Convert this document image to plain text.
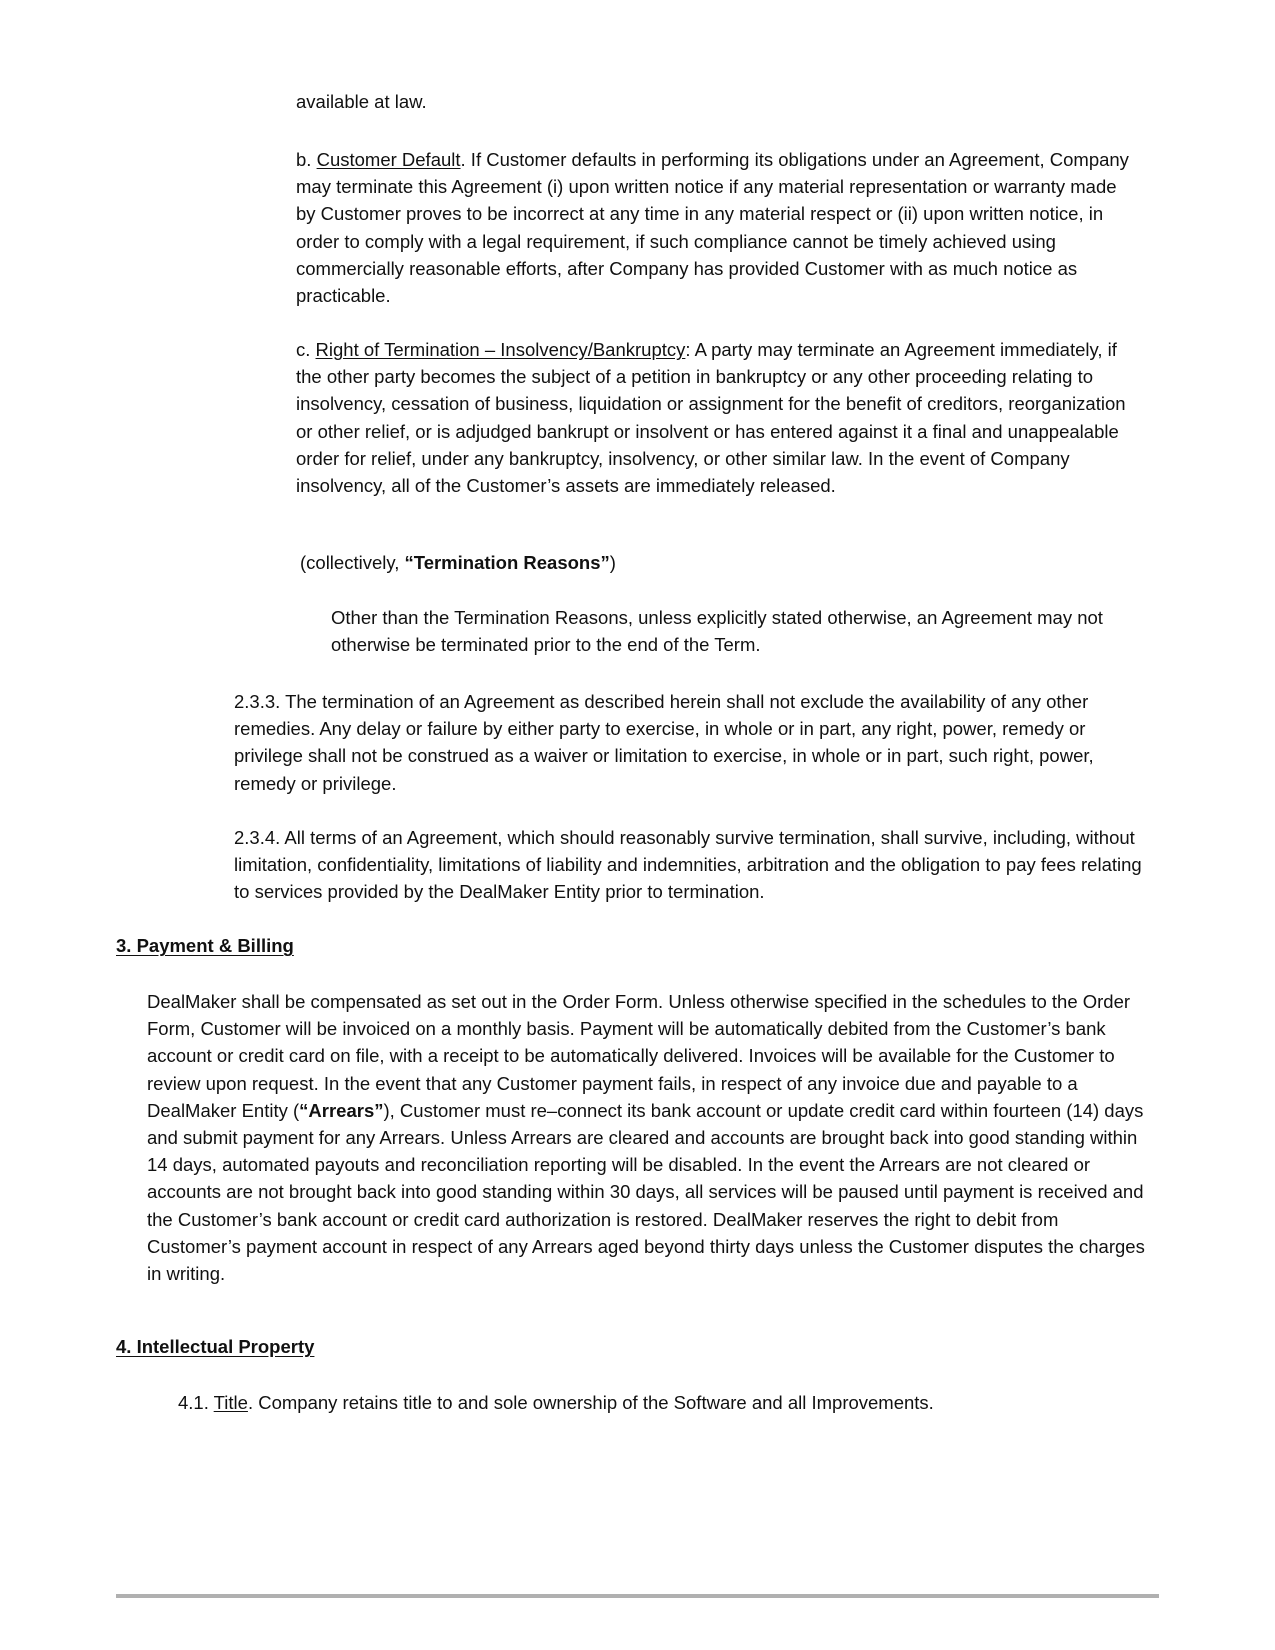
available at law.

b. Customer Default. If Customer defaults in performing its obligations under an Agreement, Company may terminate this Agreement (i) upon written notice if any material representation or warranty made by Customer proves to be incorrect at any time in any material respect or (ii) upon written notice, in order to comply with a legal requirement, if such compliance cannot be timely achieved using commercially reasonable efforts, after Company has provided Customer with as much notice as practicable.

c. Right of Termination – Insolvency/Bankruptcy: A party may terminate an Agreement immediately, if the other party becomes the subject of a petition in bankruptcy or any other proceeding relating to insolvency, cessation of business, liquidation or assignment for the benefit of creditors, reorganization or other relief, or is adjudged bankrupt or insolvent or has entered against it a final and unappealable order for relief, under any bankruptcy, insolvency, or other similar law. In the event of Company insolvency, all of the Customer’s assets are immediately released.

(collectively, “Termination Reasons”)

Other than the Termination Reasons, unless explicitly stated otherwise, an Agreement may not otherwise be terminated prior to the end of the Term.

2.3.3. The termination of an Agreement as described herein shall not exclude the availability of any other remedies. Any delay or failure by either party to exercise, in whole or in part, any right, power, remedy or privilege shall not be construed as a waiver or limitation to exercise, in whole or in part, such right, power, remedy or privilege.

2.3.4. All terms of an Agreement, which should reasonably survive termination, shall survive, including, without limitation, confidentiality, limitations of liability and indemnities, arbitration and the obligation to pay fees relating to services provided by the DealMaker Entity prior to termination.

3. Payment & Billing

DealMaker shall be compensated as set out in the Order Form. Unless otherwise specified in the schedules to the Order Form, Customer will be invoiced on a monthly basis. Payment will be automatically debited from the Customer’s bank account or credit card on file, with a receipt to be automatically delivered. Invoices will be available for the Customer to review upon request. In the event that any Customer payment fails, in respect of any invoice due and payable to a DealMaker Entity (“Arrears”), Customer must re–connect its bank account or update credit card within fourteen (14) days and submit payment for any Arrears. Unless Arrears are cleared and accounts are brought back into good standing within 14 days, automated payouts and reconciliation reporting will be disabled. In the event the Arrears are not cleared or accounts are not brought back into good standing within 30 days, all services will be paused until payment is received and the Customer’s bank account or credit card authorization is restored. DealMaker reserves the right to debit from Customer’s payment account in respect of any Arrears aged beyond thirty days unless the Customer disputes the charges in writing.

4. Intellectual Property

4.1. Title. Company retains title to and sole ownership of the Software and all Improvements.
